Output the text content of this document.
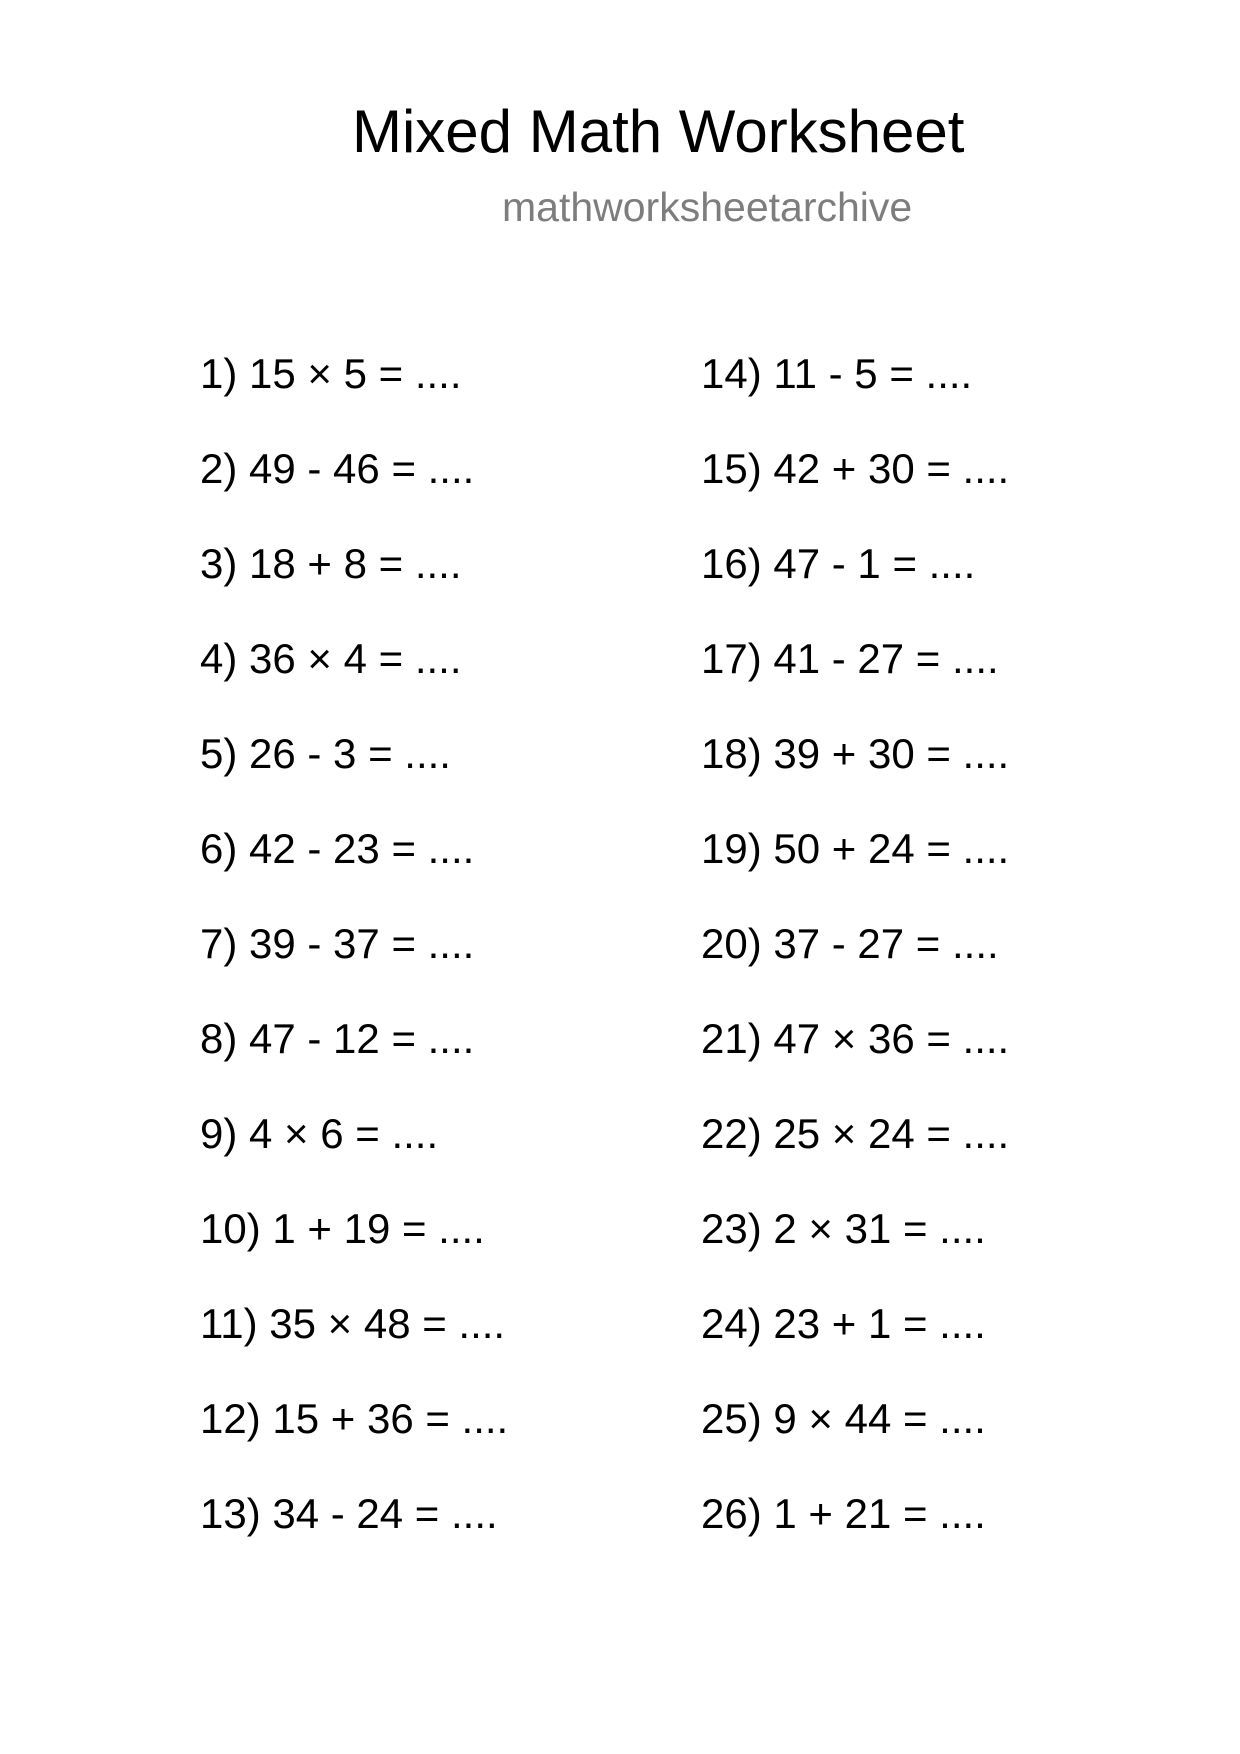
Mixed Math Worksheet
mathworksheetarchive
1) 15 × 5 = ....
2) 49 - 46 = ....
3) 18 + 8 = ....
4) 36 × 4 = ....
5) 26 - 3 = ....
6) 42 - 23 = ....
7) 39 - 37 = ....
8) 47 - 12 = ....
9) 4 × 6 = ....
10) 1 + 19 = ....
11) 35 × 48 = ....
12) 15 + 36 = ....
13) 34 - 24 = ....
14) 11 - 5 = ....
15) 42 + 30 = ....
16) 47 - 1 = ....
17) 41 - 27 = ....
18) 39 + 30 = ....
19) 50 + 24 = ....
20) 37 - 27 = ....
21) 47 × 36 = ....
22) 25 × 24 = ....
23) 2 × 31 = ....
24) 23 + 1 = ....
25) 9 × 44 = ....
26) 1 + 21 = ....
